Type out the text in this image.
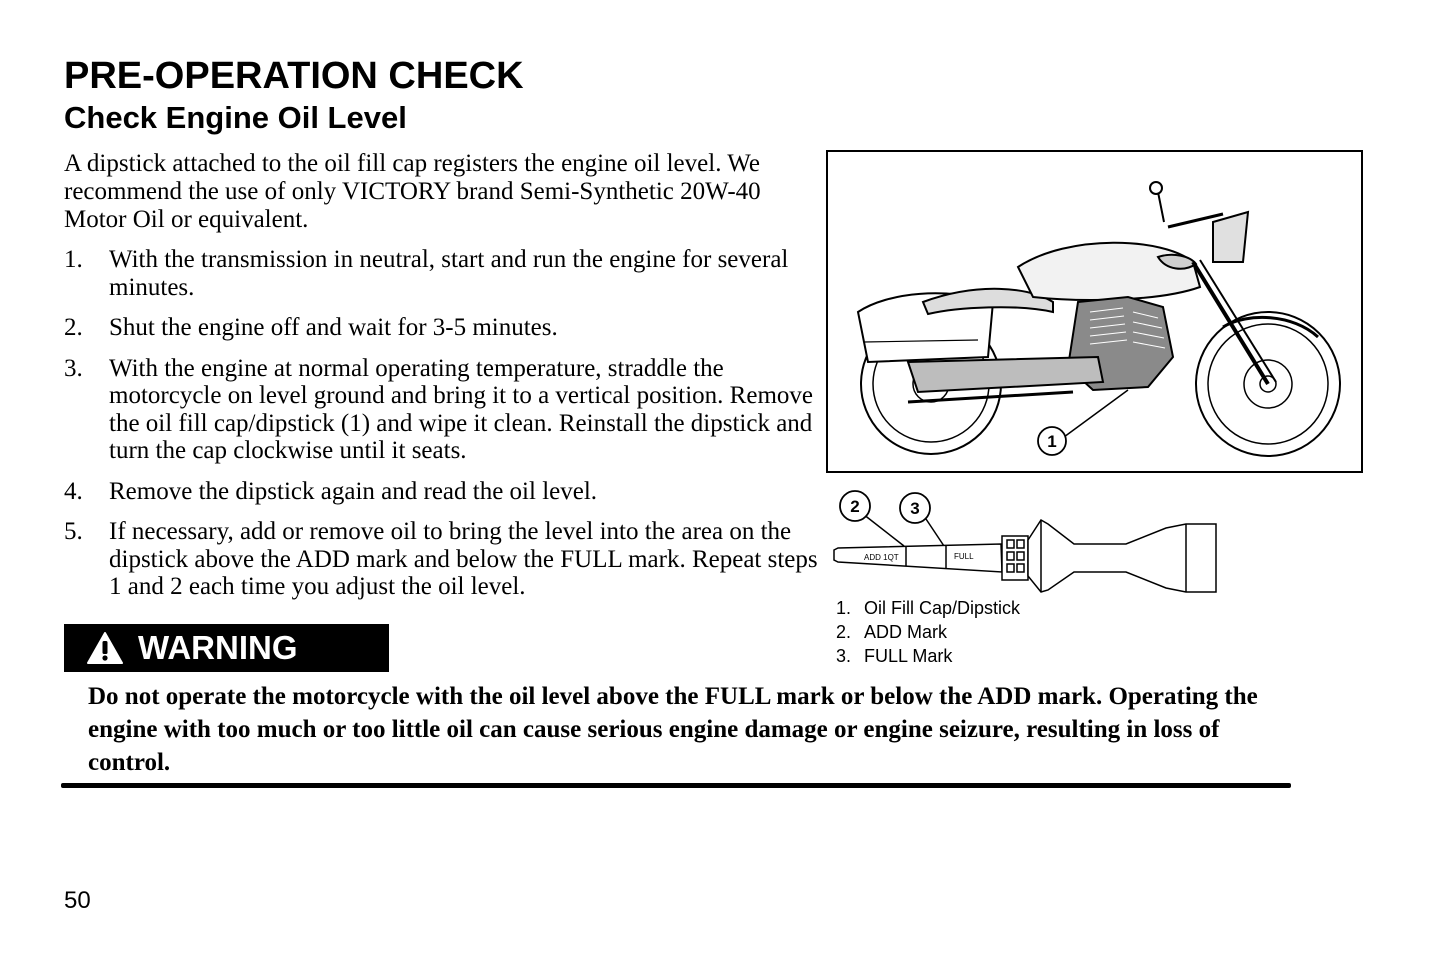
PRE-OPERATION CHECK
Check Engine Oil Level

A dipstick attached to the oil fill cap registers the engine oil level. We recommend the use of only VICTORY brand Semi-Synthetic 20W-40 Motor Oil or equivalent.

1. With the transmission in neutral, start and run the engine for several minutes.
2. Shut the engine off and wait for 3-5 minutes.
3. With the engine at normal operating temperature, straddle the motorcycle on level ground and bring it to a vertical position. Remove the oil fill cap/dipstick (1) and wipe it clean. Reinstall the dipstick and turn the cap clockwise until it seats.
4. Remove the dipstick again and read the oil level.
5. If necessary, add or remove oil to bring the level into the area on the dipstick above the ADD mark and below the FULL mark. Repeat steps 1 and 2 each time you adjust the oil level.
WARNING

Do not operate the motorcycle with the oil level above the FULL mark or below the ADD mark. Operating the engine with too much or too little oil can cause serious engine damage or engine seizure, resulting in loss of control.

50
1
ADD 1QT	FULL
2	3
1. Oil Fill Cap/Dipstick
2. ADD Mark
3. FULL Mark
